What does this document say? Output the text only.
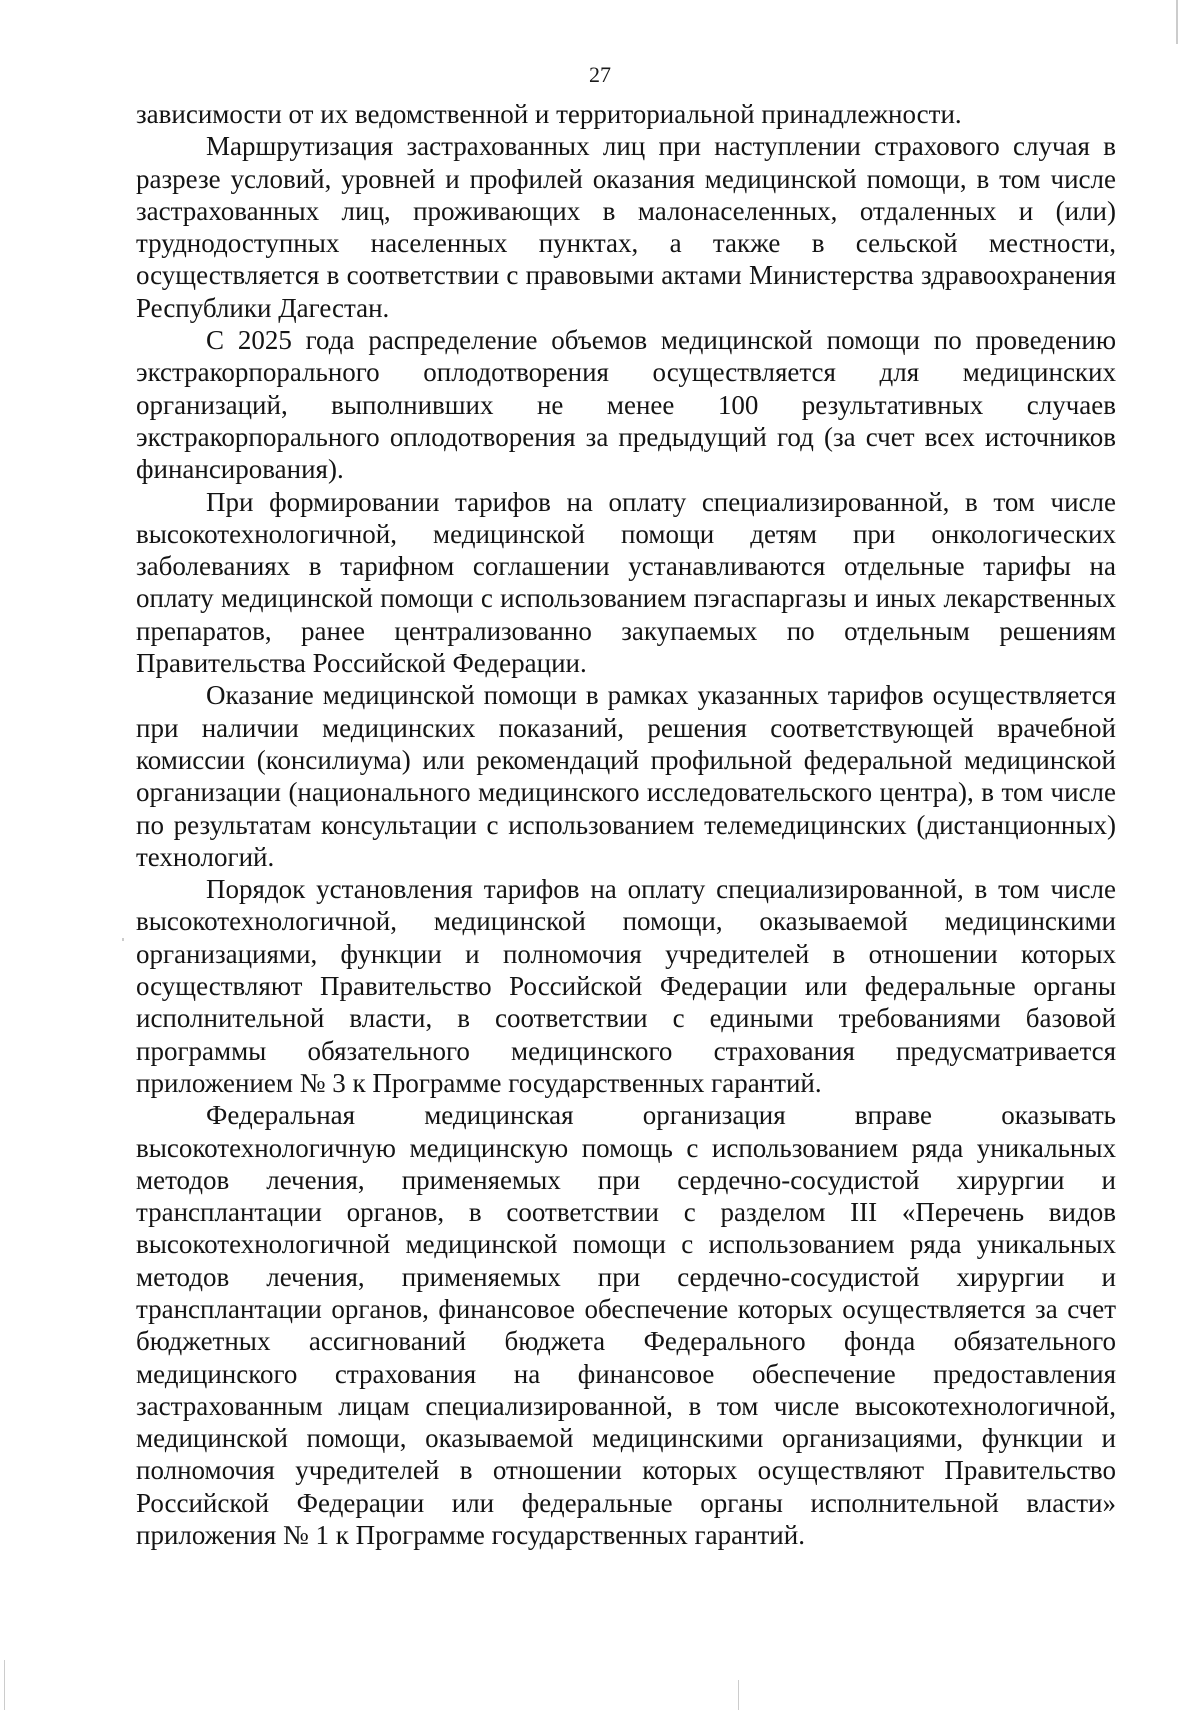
27

зависимости от их ведомственной и территориальной принадлежности.

Маршрутизация застрахованных лиц при наступлении страхового случая в разрезе условий, уровней и профилей оказания медицинской помощи, в том числе застрахованных лиц, проживающих в малонаселенных, отдаленных и (или) труднодоступных населенных пунктах, а также в сельской местности, осуществляется в соответствии с правовыми актами Министерства здравоохранения Республики Дагестан.

С 2025 года распределение объемов медицинской помощи по проведению экстракорпорального оплодотворения осуществляется для медицинских организаций, выполнивших не менее 100 результативных случаев экстракорпорального оплодотворения за предыдущий год (за счет всех источников финансирования).

При формировании тарифов на оплату специализированной, в том числе высокотехнологичной, медицинской помощи детям при онкологических заболеваниях в тарифном соглашении устанавливаются отдельные тарифы на оплату медицинской помощи с использованием пэгаспаргазы и иных лекарственных препаратов, ранее централизованно закупаемых по отдельным решениям Правительства Российской Федерации.

Оказание медицинской помощи в рамках указанных тарифов осуществляется при наличии медицинских показаний, решения соответствующей врачебной комиссии (консилиума) или рекомендаций профильной федеральной медицинской организации (национального медицинского исследовательского центра), в том числе по результатам консультации с использованием телемедицинских (дистанционных) технологий.

Порядок установления тарифов на оплату специализированной, в том числе высокотехнологичной, медицинской помощи, оказываемой медицинскими организациями, функции и полномочия учредителей в отношении которых осуществляют Правительство Российской Федерации или федеральные органы исполнительной власти, в соответствии с едиными требованиями базовой программы обязательного медицинского страхования предусматривается приложением № 3 к Программе государственных гарантий.

Федеральная медицинская организация вправе оказывать высокотехнологичную медицинскую помощь с использованием ряда уникальных методов лечения, применяемых при сердечно-сосудистой хирургии и трансплантации органов, в соответствии с разделом III «Перечень видов высокотехнологичной медицинской помощи с использованием ряда уникальных методов лечения, применяемых при сердечно-сосудистой хирургии и трансплантации органов, финансовое обеспечение которых осуществляется за счет бюджетных ассигнований бюджета Федерального фонда обязательного медицинского страхования на финансовое обеспечение предоставления застрахованным лицам специализированной, в том числе высокотехнологичной, медицинской помощи, оказываемой медицинскими организациями, функции и полномочия учредителей в отношении которых осуществляют Правительство Российской Федерации или федеральные органы исполнительной власти» приложения № 1 к Программе государственных гарантий.
